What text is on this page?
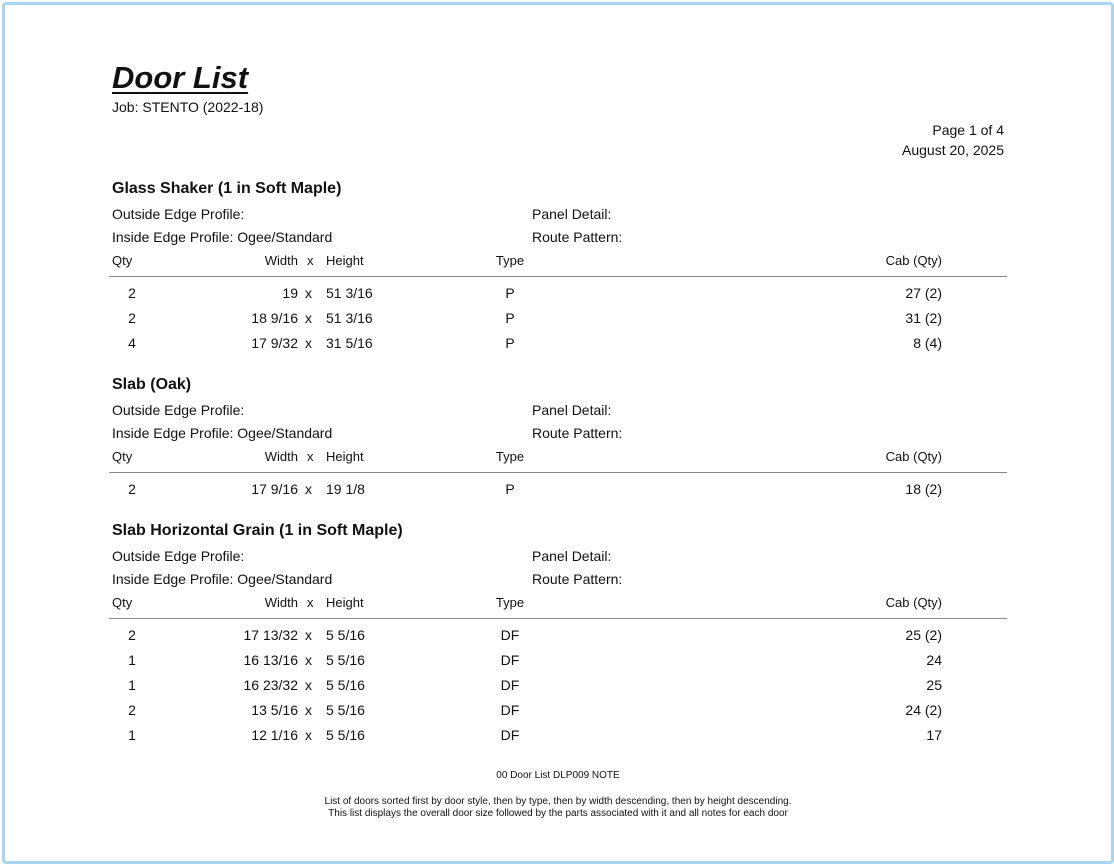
Door List
Job: STENTO (2022-18)
Page 1 of 4
August 20, 2025
Glass Shaker (1 in Soft Maple)
Outside Edge Profile:
Inside Edge Profile: Ogee/Standard
Panel Detail:
Route Pattern:
Qty	Width x Height	Type	Cab (Qty)
2	19 x 51 3/16	P	27 (2)
2	18 9/16 x 51 3/16	P	31 (2)
4	17 9/32 x 31 5/16	P	8 (4)
Slab (Oak)
Outside Edge Profile:
Inside Edge Profile: Ogee/Standard
Panel Detail:
Route Pattern:
Qty	Width x Height	Type	Cab (Qty)
2	17 9/16 x 19 1/8	P	18 (2)
Slab Horizontal Grain (1 in Soft Maple)
Outside Edge Profile:
Inside Edge Profile: Ogee/Standard
Panel Detail:
Route Pattern:
Qty	Width x Height	Type	Cab (Qty)
2	17 13/32 x 5 5/16	DF	25 (2)
1	16 13/16 x 5 5/16	DF	24
1	16 23/32 x 5 5/16	DF	25
2	13 5/16 x 5 5/16	DF	24 (2)
1	12 1/16 x 5 5/16	DF	17
00 Door List DLP009 NOTE
List of doors sorted first by door style, then by type, then by width descending, then by height descending.
This list displays the overall door size followed by the parts associated with it and all notes for each door
